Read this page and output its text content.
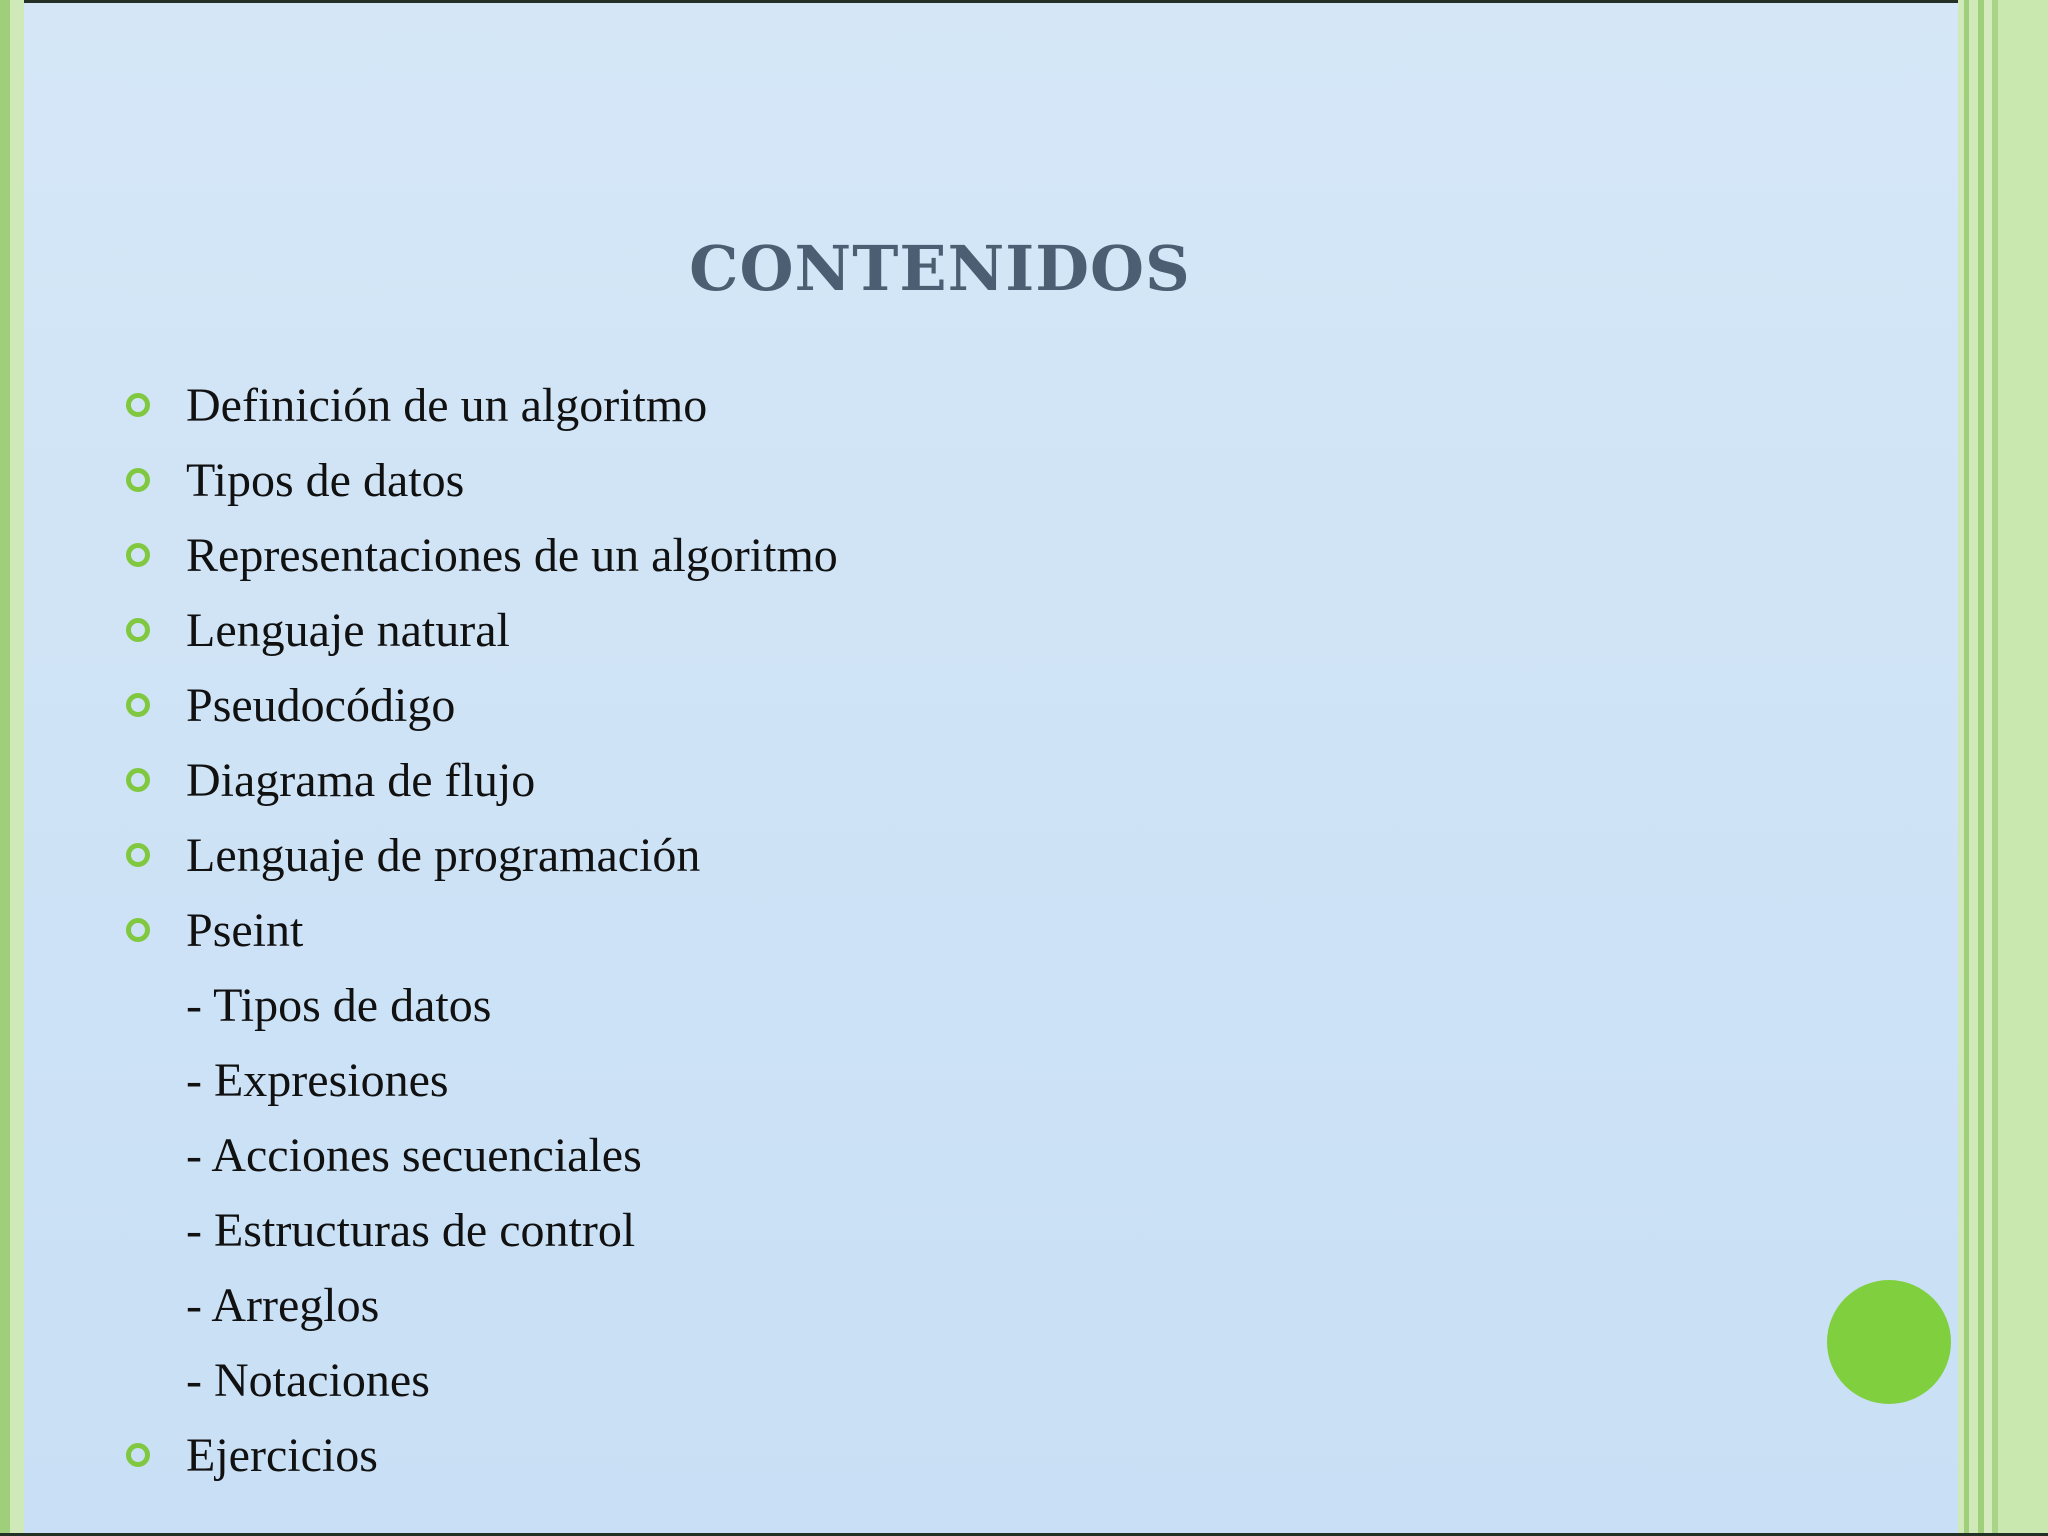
CONTENIDOS
Definición de un algoritmo
Tipos de datos
Representaciones de un algoritmo
Lenguaje natural
Pseudocódigo
Diagrama de flujo
Lenguaje de programación
Pseint
- Tipos de datos
- Expresiones
- Acciones secuenciales
- Estructuras de control
- Arreglos
- Notaciones
Ejercicios
